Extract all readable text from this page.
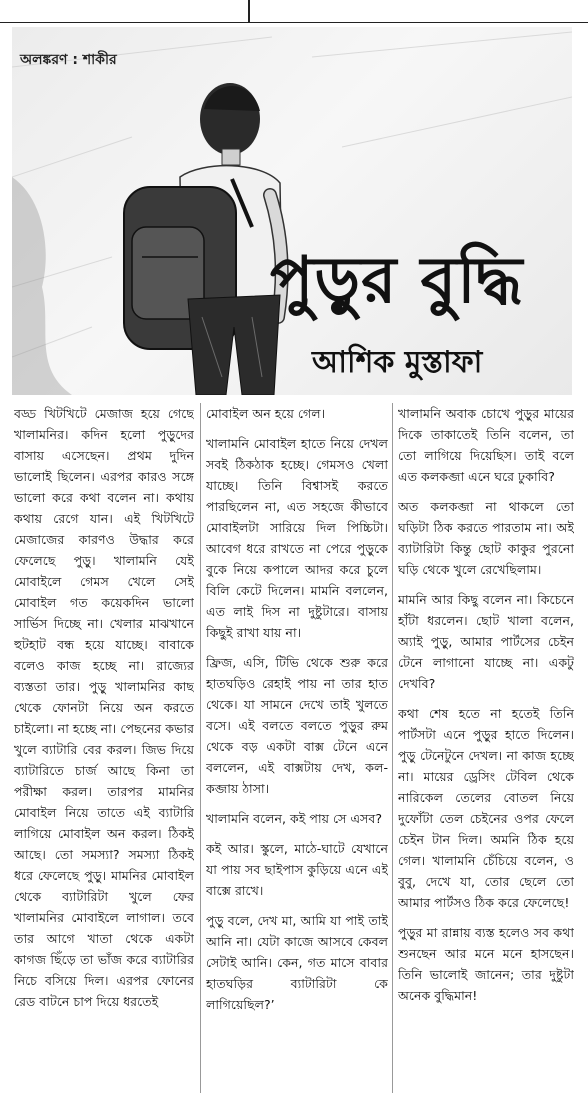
অলঙ্করণ : শাকীর
পুড়ুর বুদ্ধি
আশিক মুস্তাফা

বড্ড খিটখিটে মেজাজ হয়ে গেছে খালামনির। কদিন হলো পুড়ুদের বাসায় এসেছেন। প্রথম দুদিন ভালোই ছিলেন। এরপর কারও সঙ্গে ভালো করে কথা বলেন না। কথায় কথায় রেগে যান। এই খিটখিটে মেজাজের কারণও উদ্ধার করে ফেলেছে পুড়ু। খালামনি যেই মোবাইলে গেমস খেলে সেই মোবাইল গত কয়েকদিন ভালো সার্ভিস দিচ্ছে না। খেলার মাঝখানে হুটহাট বন্ধ হয়ে যাচ্ছে। বাবাকে বলেও কাজ হচ্ছে না। রাজ্যের ব্যস্ততা তার। পুড়ু খালামনির কাছ থেকে ফোনটা নিয়ে অন করতে চাইলো। না হচ্ছে না। পেছনের কভার খুলে ব্যাটারি বের করল। জিভ দিয়ে ব্যাটারিতে চার্জ আছে কিনা তা পরীক্ষা করল। তারপর মামনির মোবাইল নিয়ে তাতে এই ব্যাটারি লাগিয়ে মোবাইল অন করল। ঠিকই আছে। তো সমস্যা? সমস্যা ঠিকই ধরে ফেলেছে পুড়ু। মামনির মোবাইল থেকে ব্যাটারিটা খুলে ফের খালামনির মোবাইলে লাগাল। তবে তার আগে খাতা থেকে একটা কাগজ ছিঁড়ে তা ভাঁজ করে ব্যাটারির নিচে বসিয়ে দিল। এরপর ফোনের রেড বাটনে চাপ দিয়ে ধরতেই

মোবাইল অন হয়ে গেল।

খালামনি মোবাইল হাতে নিয়ে দেখল সবই ঠিকঠাক হচ্ছে। গেমসও খেলা যাচ্ছে। তিনি বিশ্বাসই করতে পারছিলেন না, এত সহজে কীভাবে মোবাইলটা সারিয়ে দিল পিচ্চিটা। আবেগ ধরে রাখতে না পেরে পুড়ুকে বুকে নিয়ে কপালে আদর করে চুলে বিলি কেটে দিলেন। মামনি বললেন, এত লাই দিস না দুষ্টুটারে। বাসায় কিছুই রাখা যায় না।

ফ্রিজ, এসি, টিভি থেকে শুরু করে হাতঘড়িও রেহাই পায় না তার হাত থেকে। যা সামনে দেখে তাই খুলতে বসে। এই বলতে বলতে পুড়ুর রুম থেকে বড় একটা বাক্স টেনে এনে বললেন, এই বাক্সটায় দেখ, কল-কব্জায় ঠাসা।

খালামনি বলেন, কই পায় সে এসব?

কই আর। স্কুলে, মাঠে-ঘাটে যেখানে যা পায় সব ছাইপাস কুড়িয়ে এনে এই বাক্সে রাখে।

পুড়ু বলে, দেখ মা, আমি যা পাই তাই আনি না। যেটা কাজে আসবে কেবল সেটাই আনি। কেন, গত মাসে বাবার হাতঘড়ির ব্যাটারিটা কে লাগিয়েছিল?’

খালামনি অবাক চোখে পুড়ুর মায়ের দিকে তাকাতেই তিনি বলেন, তা তো লাগিয়ে দিয়েছিস। তাই বলে এত কলকব্জা এনে ঘরে ঢুকাবি?

অত কলকব্জা না থাকলে তো ঘড়িটা ঠিক করতে পারতাম না। অই ব্যাটারিটা কিন্তু ছোট কাকুর পুরনো ঘড়ি থেকে খুলে রেখেছিলাম।

মামনি আর কিছু বলেন না। কিচেনে হাঁটা ধরলেন। ছোট খালা বলেন, অ্যাই পুড়ু, আমার পার্টসের চেইন টেনে লাগানো যাচ্ছে না। একটু দেখবি?

কথা শেষ হতে না হতেই তিনি পার্টসটা এনে পুড়ুর হাতে দিলেন। পুড়ু টেনেটুনে দেখল। না কাজ হচ্ছে না। মায়ের ড্রেসিং টেবিল থেকে নারিকেল তেলের বোতল নিয়ে দুফোঁটা তেল চেইনের ওপর ফেলে চেইন টান দিল। অমনি ঠিক হয়ে গেল। খালামনি চেঁচিয়ে বলেন, ও বুবু, দেখে যা, তোর ছেলে তো আমার পার্টসও ঠিক করে ফেলেছে!

পুড়ুর মা রান্নায় ব্যস্ত হলেও সব কথা শুনছেন আর মনে মনে হাসছেন। তিনি ভালোই জানেন; তার দুষ্টুটা অনেক বুদ্ধিমান!
